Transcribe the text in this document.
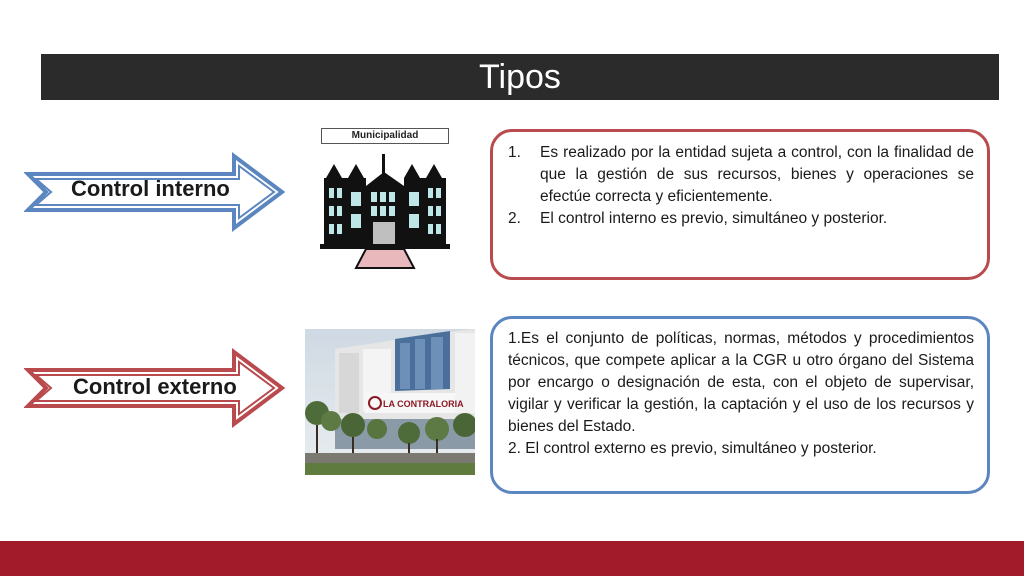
Tipos
Control interno
Municipalidad
1. Es realizado por la entidad sujeta a control, con la finalidad de que la gestión de sus recursos, bienes y operaciones se efectúe correcta y eficientemente.
2. El control interno es previo, simultáneo y posterior.
Control externo
LA CONTRALORIA
1.Es el conjunto de políticas, normas, métodos y procedimientos técnicos, que compete aplicar a la CGR u otro órgano del Sistema por encargo o designación de esta, con el objeto de supervisar, vigilar y verificar la gestión, la captación y el uso de los recursos y bienes del Estado.
2. El control externo es previo, simultáneo y posterior.
